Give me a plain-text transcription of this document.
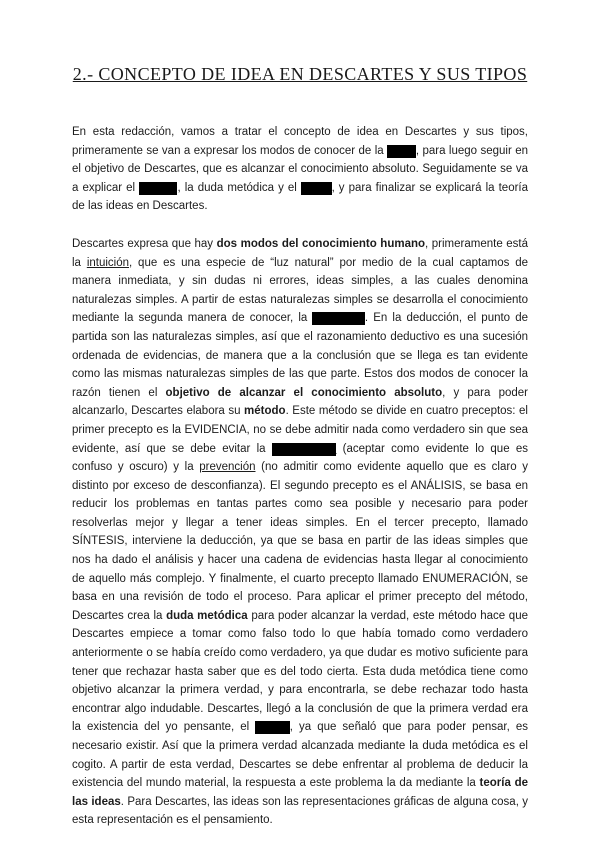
2.- CONCEPTO DE IDEA EN DESCARTES Y SUS TIPOS

En esta redacción, vamos a tratar el concepto de idea en Descartes y sus tipos, primeramente se van a expresar los modos de conocer de la razón, para luego seguir en el objetivo de Descartes, que es alcanzar el conocimiento absoluto. Seguidamente se va a explicar el método, la duda metódica y el cogito, y para finalizar se explicará la teoría de las ideas en Descartes.

Descartes expresa que hay dos modos del conocimiento humano, primeramente está la intuición, que es una especie de “luz natural” por medio de la cual captamos de manera inmediata, y sin dudas ni errores, ideas simples, a las cuales denomina naturalezas simples. A partir de estas naturalezas simples se desarrolla el conocimiento mediante la segunda manera de conocer, la deducción. En la deducción, el punto de partida son las naturalezas simples, así que el razonamiento deductivo es una sucesión ordenada de evidencias, de manera que a la conclusión que se llega es tan evidente como las mismas naturalezas simples de las que parte. Estos dos modos de conocer la razón tienen el objetivo de alcanzar el conocimiento absoluto, y para poder alcanzarlo, Descartes elabora su método. Este método se divide en cuatro preceptos: el primer precepto es la EVIDENCIA, no se debe admitir nada como verdadero sin que sea evidente, así que se debe evitar la precipitación (aceptar como evidente lo que es confuso y oscuro) y la prevención (no admitir como evidente aquello que es claro y distinto por exceso de desconfianza). El segundo precepto es el ANÁLISIS, se basa en reducir los problemas en tantas partes como sea posible y necesario para poder resolverlas mejor y llegar a tener ideas simples. En el tercer precepto, llamado SÍNTESIS, interviene la deducción, ya que se basa en partir de las ideas simples que nos ha dado el análisis y hacer una cadena de evidencias hasta llegar al conocimiento de aquello más complejo. Y finalmente, el cuarto precepto llamado ENUMERACIÓN, se basa en una revisión de todo el proceso. Para aplicar el primer precepto del método, Descartes crea la duda metódica para poder alcanzar la verdad, este método hace que Descartes empiece a tomar como falso todo lo que había tomado como verdadero anteriormente o se había creído como verdadero, ya que dudar es motivo suficiente para tener que rechazar hasta saber que es del todo cierta. Esta duda metódica tiene como objetivo alcanzar la primera verdad, y para encontrarla, se debe rechazar todo hasta encontrar algo indudable. Descartes, llegó a la conclusión de que la primera verdad era la existencia del yo pensante, el cogito, ya que señaló que para poder pensar, es necesario existir. Así que la primera verdad alcanzada mediante la duda metódica es el cogito. A partir de esta verdad, Descartes se debe enfrentar al problema de deducir la existencia del mundo material, la respuesta a este problema la da mediante la teoría de las ideas. Para Descartes, las ideas son las representaciones gráficas de alguna cosa, y esta representación es el pensamiento.
